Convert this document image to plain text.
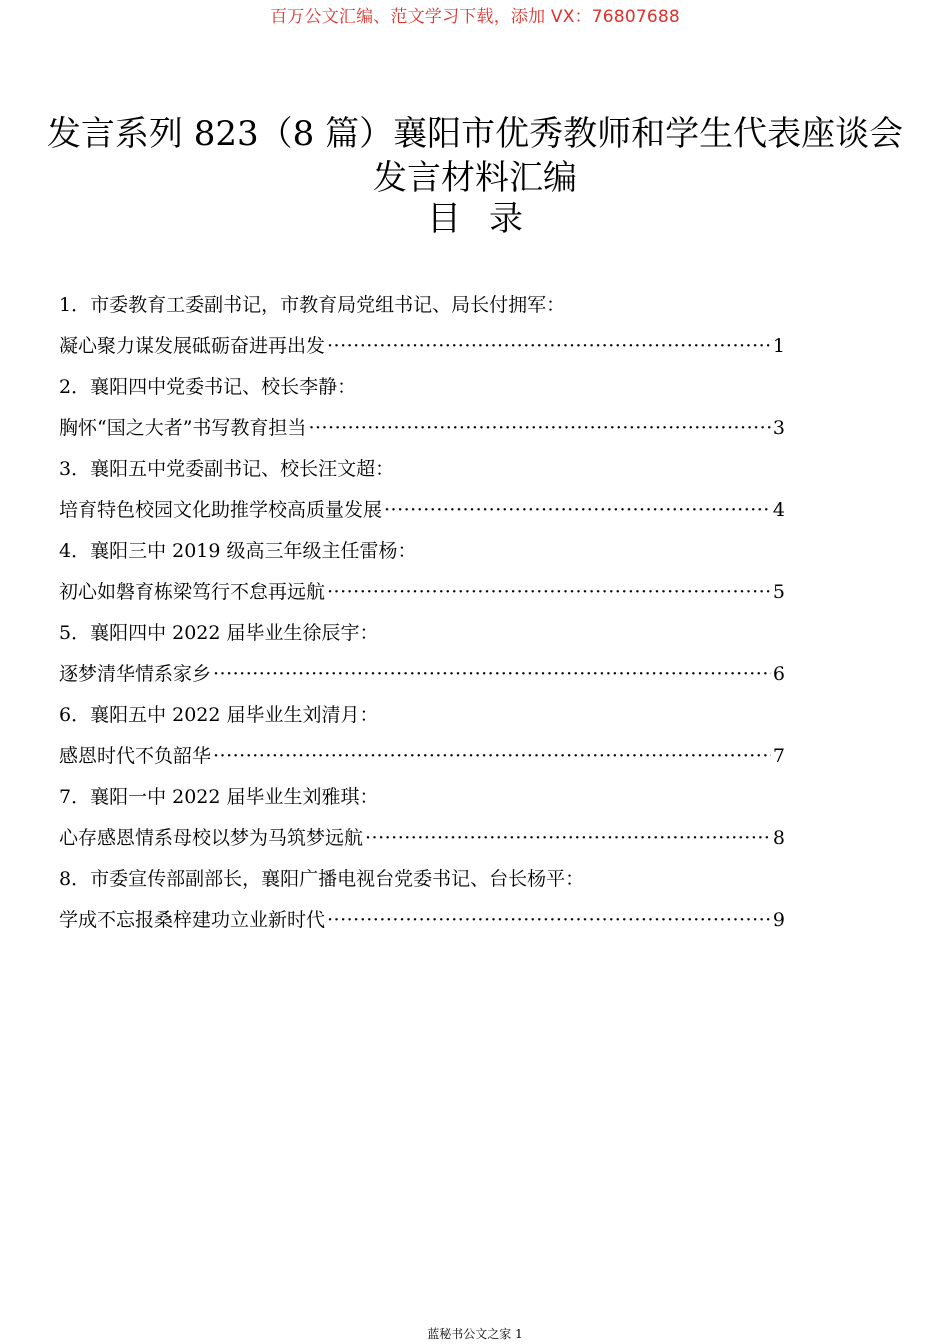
百万公文汇编、范文学习下载，添加 VX：76807688
发言系列 823（8 篇）襄阳市优秀教师和学生代表座谈会发言材料汇编
目录
1．市委教育工委副书记，市教育局党组书记、局长付拥军：
凝心聚力谋发展砥砺奋进再出发 ·····	1
2．襄阳四中党委书记、校长李静：
胸怀“国之大者”书写教育担当 ·····	3
3．襄阳五中党委副书记、校长汪文超：
培育特色校园文化助推学校高质量发展 ·····	4
4．襄阳三中 2019 级高三年级主任雷杨：
初心如磐育栋梁笃行不怠再远航 ·····	5
5．襄阳四中 2022 届毕业生徐辰宇：
逐梦清华情系家乡 ·····	6
6．襄阳五中 2022 届毕业生刘清月：
感恩时代不负韶华 ·····	7
7．襄阳一中 2022 届毕业生刘雅琪：
心存感恩情系母校以梦为马筑梦远航 ·····	8
8．市委宣传部副部长，襄阳广播电视台党委书记、台长杨平：
学成不忘报桑梓建功立业新时代 ·····	9
蓝秘书公文之家 1
